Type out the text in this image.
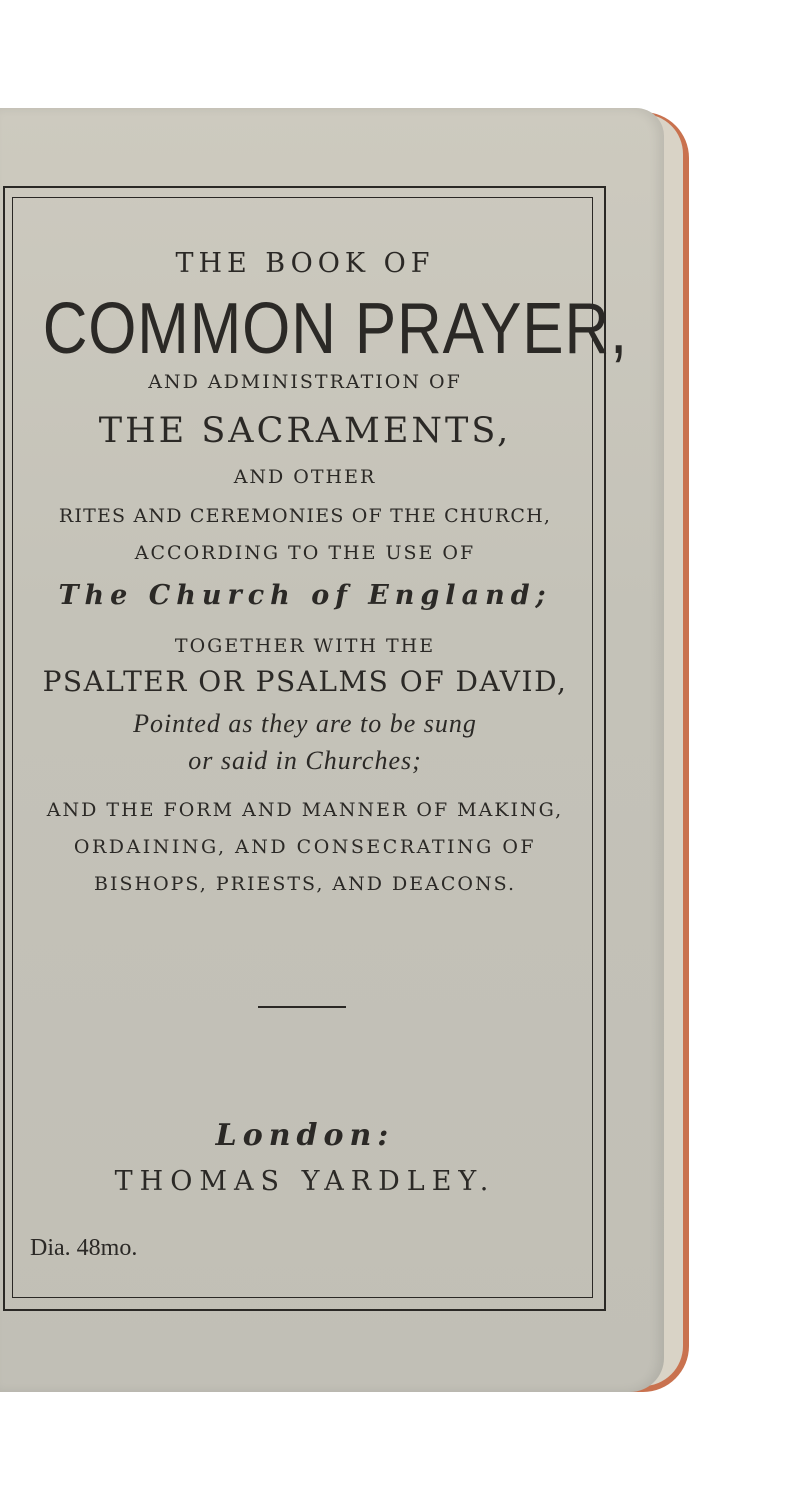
THE BOOK OF
COMMON PRAYER,
AND ADMINISTRATION OF
THE SACRAMENTS,
AND OTHER
RITES AND CEREMONIES OF THE CHURCH,
ACCORDING TO THE USE OF
The Church of England;
TOGETHER WITH THE
PSALTER OR PSALMS OF DAVID,
Pointed as they are to be sung
or said in Churches;
AND THE FORM AND MANNER OF MAKING,
ORDAINING, AND CONSECRATING OF
BISHOPS, PRIESTS, AND DEACONS.
London:
THOMAS YARDLEY.
Dia. 48mo.
